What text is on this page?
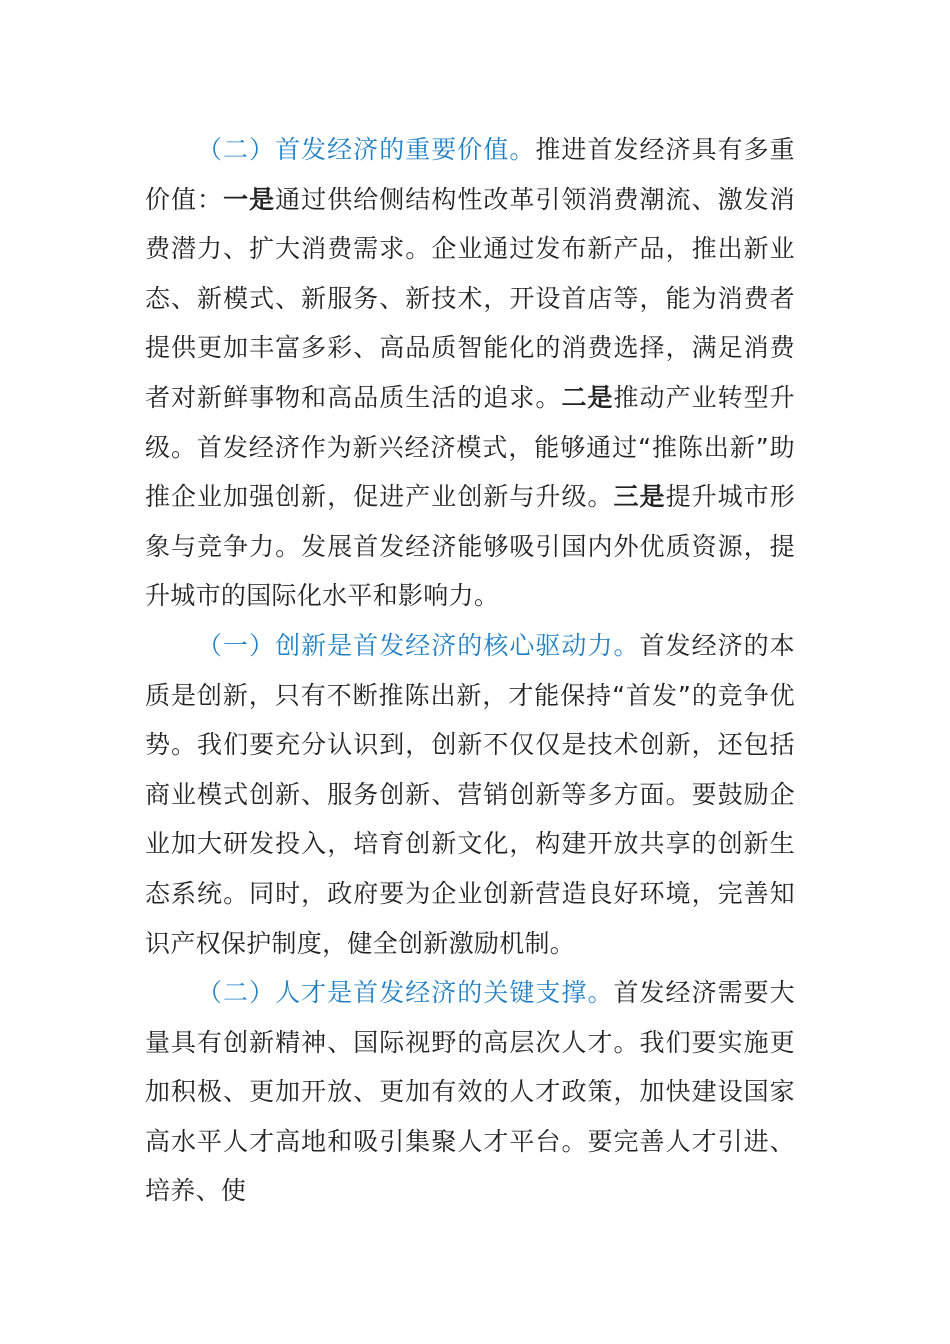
（二）首发经济的重要价值。推进首发经济具有多重价值：一是通过供给侧结构性改革引领消费潮流、激发消费潜力、扩大消费需求。企业通过发布新产品，推出新业态、新模式、新服务、新技术，开设首店等，能为消费者提供更加丰富多彩、高品质智能化的消费选择，满足消费者对新鲜事物和高品质生活的追求。二是推动产业转型升级。首发经济作为新兴经济模式，能够通过“推陈出新”助推企业加强创新，促进产业创新与升级。三是提升城市形象与竞争力。发展首发经济能够吸引国内外优质资源，提升城市的国际化水平和影响力。

（一）创新是首发经济的核心驱动力。首发经济的本质是创新，只有不断推陈出新，才能保持“首发”的竞争优势。我们要充分认识到，创新不仅仅是技术创新，还包括商业模式创新、服务创新、营销创新等多方面。要鼓励企业加大研发投入，培育创新文化，构建开放共享的创新生态系统。同时，政府要为企业创新营造良好环境，完善知识产权保护制度，健全创新激励机制。

（二）人才是首发经济的关键支撑。首发经济需要大量具有创新精神、国际视野的高层次人才。我们要实施更加积极、更加开放、更加有效的人才政策，加快建设国家高水平人才高地和吸引集聚人才平台。要完善人才引进、培养、使
